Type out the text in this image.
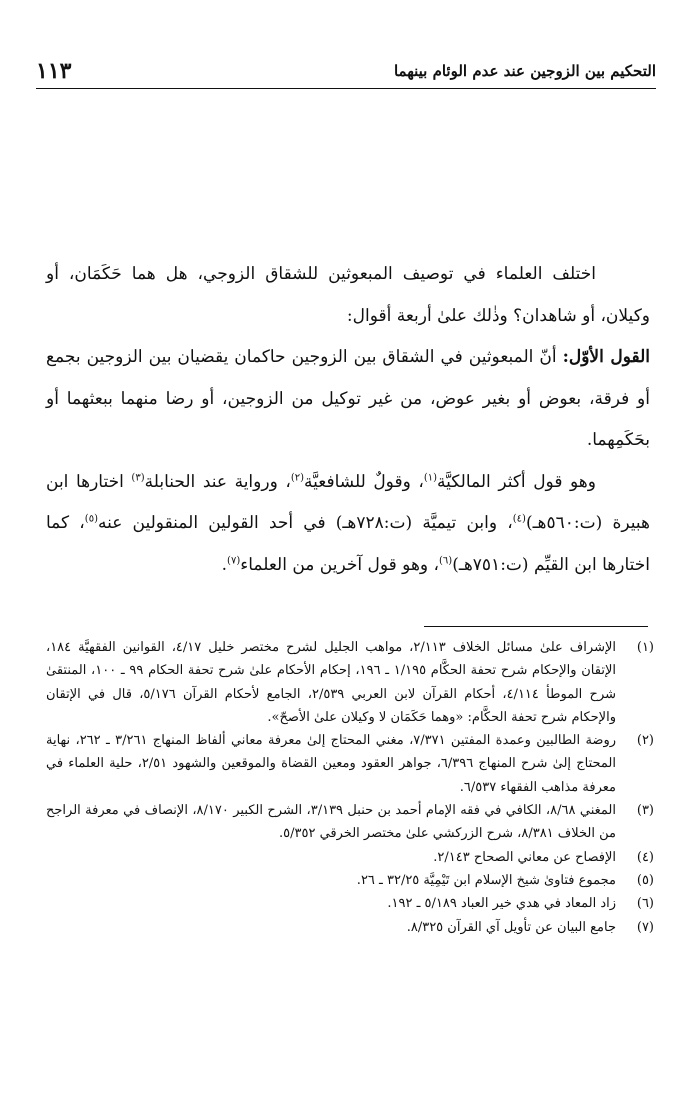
التحكيم بين الزوجين عند عدم الوئام بينهما
١١٣

اختلف العلماء في توصيف المبعوثين للشقاق الزوجي، هل هما حَكَمَان، أو وكيلان، أو شاهدان؟ وذٰلك علىٰ أربعة أقوال:

القول الأوّل: أنّ المبعوثين في الشقاق بين الزوجين حاكمان يقضيان بين الزوجين بجمع أو فرقة، بعوض أو بغير عوض، من غير توكيل من الزوجين، أو رضا منهما ببعثهما أو بحَكَمِهما.

وهو قول أكثر المالكيَّة$^{(١)}$، وقولٌ للشافعيَّة$^{(٢)}$، ورواية عند الحنابلة$^{(٣)}$ اختارها ابن هبيرة (ت:٥٦٠هـ)$^{(٤)}$، وابن تيميَّة (ت:٧٢٨هـ) في أحد القولين المنقولين عنه$^{(٥)}$، كما اختارها ابن القيِّم (ت:٧٥١هـ)$^{(٦)}$، وهو قول آخرين من العلماء$^{(٧)}$.

(١)
الإشراف علىٰ مسائل الخلاف ٢/١١٣، مواهب الجليل لشرح مختصر خليل ٤/١٧، القوانين الفقهيَّة ١٨٤، الإتقان والإحكام شرح تحفة الحكَّام ١/١٩٥ ـ ١٩٦، إحكام الأحكام علىٰ شرح تحفة الحكام ٩٩ ـ ١٠٠، المنتقىٰ شرح الموطأ ٤/١١٤، أحكام القرآن لابن العربي ٢/٥٣٩، الجامع لأحكام القرآن ٥/١٧٦، قال في الإتقان والإحكام شرح تحفة الحكَّام: «وهما حَكَمَان لا وكيلان علىٰ الأصحّ».
(٢)
روضة الطالبين وعمدة المفتين ٧/٣٧١، مغني المحتاج إلىٰ معرفة معاني ألفاظ المنهاج ٣/٢٦١ ـ ٢٦٢، نهاية المحتاج إلىٰ شرح المنهاج ٦/٣٩٦، جواهر العقود ومعين القضاة والموقعين والشهود ٢/٥١، حلية العلماء في معرفة مذاهب الفقهاء ٦/٥٣٧.
(٣)
المغني ٨/٦٨، الكافي في فقه الإمام أحمد بن حنبل ٣/١٣٩، الشرح الكبير ٨/١٧٠، الإنصاف في معرفة الراجح من الخلاف ٨/٣٨١، شرح الزركشي علىٰ مختصر الخرقي ٥/٣٥٢.
(٤)
الإفصاح عن معاني الصحاح ٢/١٤٣.
(٥)
مجموع فتاوىٰ شيخ الإسلام ابن تَيْمِيَّة ٣٢/٢٥ ـ ٢٦.
(٦)
زاد المعاد في هدي خير العباد ٥/١٨٩ ـ ١٩٢.
(٧)
جامع البيان عن تأويل آي القرآن ٨/٣٢٥.
